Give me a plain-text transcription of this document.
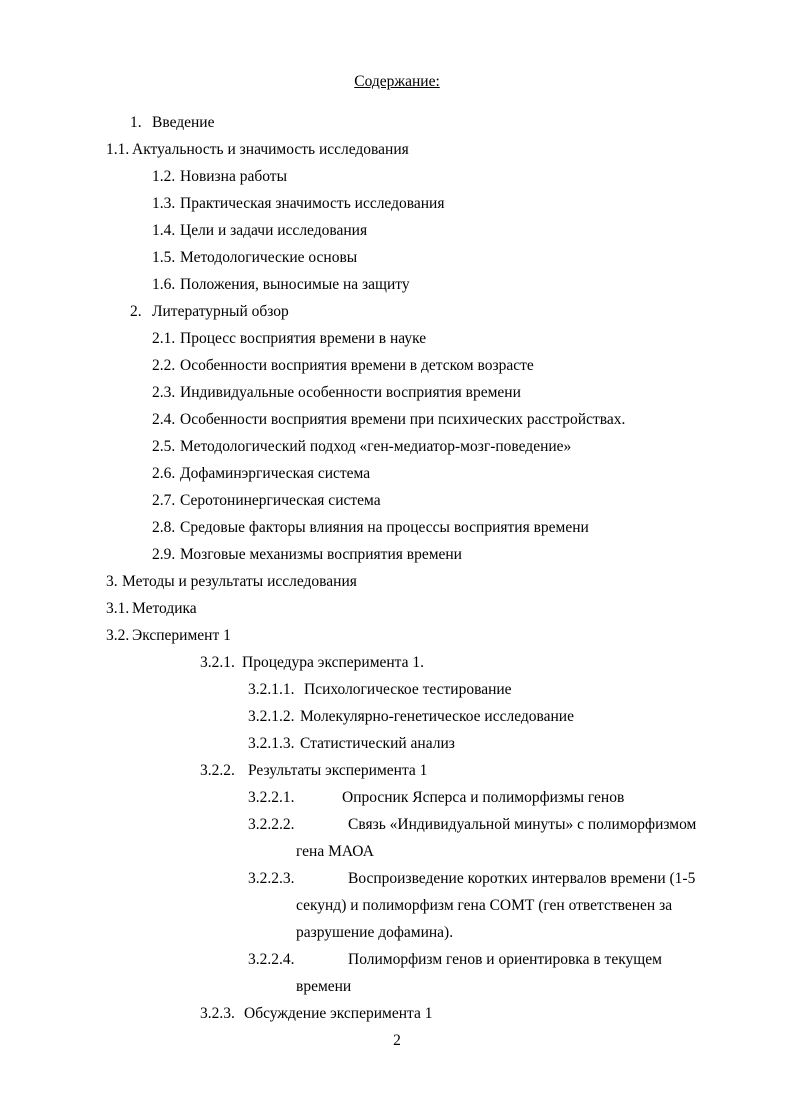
Содержание:
1. Введение
1.1. Актуальность и значимость исследования
1.2. Новизна работы
1.3. Практическая значимость исследования
1.4. Цели и задачи исследования
1.5. Методологические основы
1.6. Положения, выносимые на защиту
2. Литературный обзор
2.1. Процесс восприятия времени в науке
2.2. Особенности восприятия времени в детском возрасте
2.3. Индивидуальные особенности восприятия времени
2.4. Особенности восприятия времени при психических расстройствах.
2.5. Методологический подход «ген-медиатор-мозг-поведение»
2.6. Дофаминэргическая система
2.7. Серотонинергическая система
2.8. Средовые факторы влияния на процессы восприятия времени
2.9. Мозговые механизмы восприятия времени
3. Методы и результаты исследования
3.1. Методика
3.2. Эксперимент 1
3.2.1. Процедура эксперимента 1.
3.2.1.1. Психологическое тестирование
3.2.1.2. Молекулярно-генетическое исследование
3.2.1.3. Статистический анализ
3.2.2. Результаты эксперимента 1
3.2.2.1.	Опросник Ясперса и полиморфизмы генов
3.2.2.2.	Связь «Индивидуальной минуты» с полиморфизмом
гена МАОА
3.2.2.3.	Воспроизведение коротких интервалов времени (1-5
секунд) и полиморфизм гена СОМТ (ген ответственен за
разрушение дофамина).
3.2.2.4.	Полиморфизм генов и ориентировка в текущем
времени
3.2.3. Обсуждение эксперимента 1
2
